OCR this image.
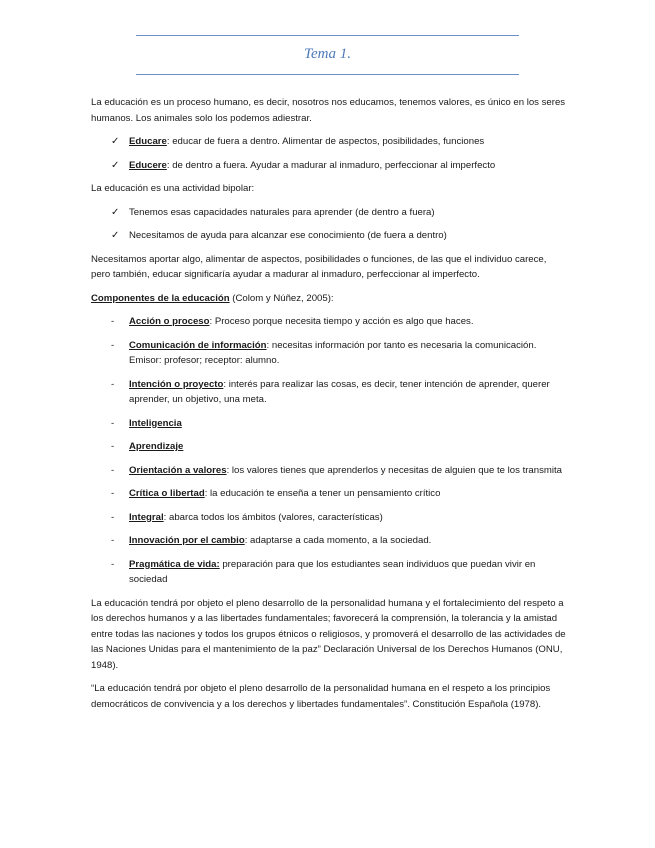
Tema 1.

La educación es un proceso humano, es decir, nosotros nos educamos, tenemos valores, es único en los seres humanos. Los animales solo los podemos adiestrar.

✓ Educare: educar de fuera a dentro. Alimentar de aspectos, posibilidades, funciones
✓ Educere: de dentro a fuera. Ayudar a madurar al inmaduro, perfeccionar al imperfecto

La educación es una actividad bipolar:

✓ Tenemos esas capacidades naturales para aprender (de dentro a fuera)
✓ Necesitamos de ayuda para alcanzar ese conocimiento (de fuera a dentro)

Necesitamos aportar algo, alimentar de aspectos, posibilidades o funciones, de las que el individuo carece, pero también, educar significaría ayudar a madurar al inmaduro, perfeccionar al imperfecto.

Componentes de la educación (Colom y Núñez, 2005):

- Acción o proceso: Proceso porque necesita tiempo y acción es algo que haces.
- Comunicación de información: necesitas información por tanto es necesaria la comunicación. Emisor: profesor; receptor: alumno.
- Intención o proyecto: interés para realizar las cosas, es decir, tener intención de aprender, querer aprender, un objetivo, una meta.
- Inteligencia
- Aprendizaje
- Orientación a valores: los valores tienes que aprenderlos y necesitas de alguien que te los transmita
- Crítica o libertad: la educación te enseña a tener un pensamiento crítico
- Integral: abarca todos los ámbitos (valores, características)
- Innovación por el cambio: adaptarse a cada momento, a la sociedad.
- Pragmática de vida: preparación para que los estudiantes sean individuos que puedan vivir en sociedad

La educación tendrá por objeto el pleno desarrollo de la personalidad humana y el fortalecimiento del respeto a los derechos humanos y a las libertades fundamentales; favorecerá la comprensión, la tolerancia y la amistad entre todas las naciones y todos los grupos étnicos o religiosos, y promoverá el desarrollo de las actividades de las Naciones Unidas para el mantenimiento de la paz” Declaración Universal de los Derechos Humanos (ONU, 1948).

“La educación tendrá por objeto el pleno desarrollo de la personalidad humana en el respeto a los principios democráticos de convivencia y a los derechos y libertades fundamentales”. Constitución Española (1978).
